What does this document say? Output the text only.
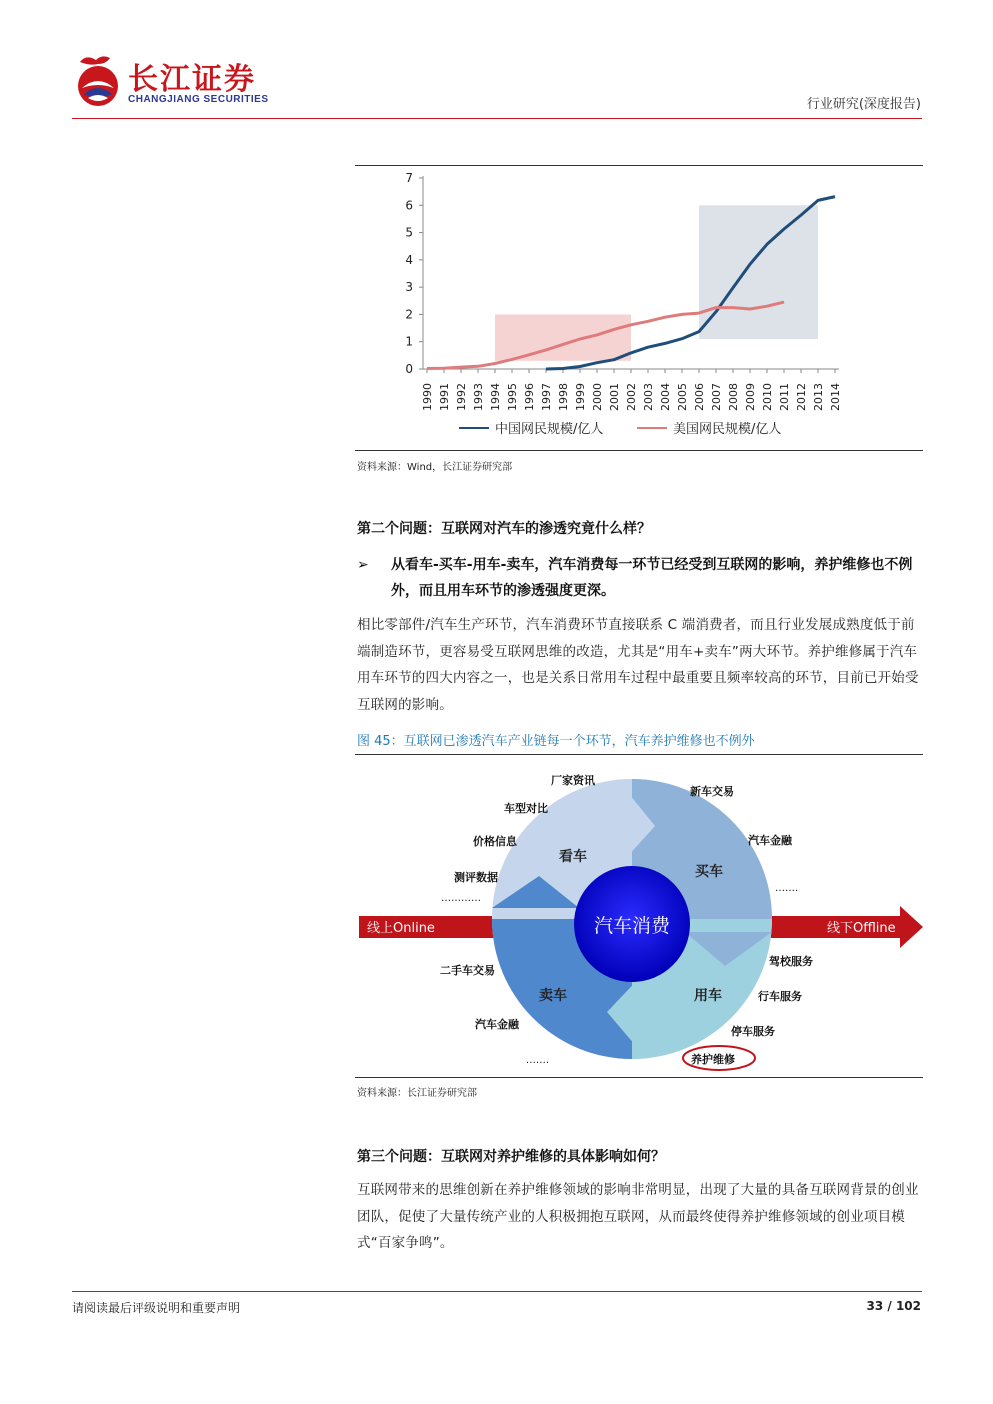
长江证券
CHANGJIANG SECURITIES	行业研究(深度报告)
0
1
2
3
4
5
6
7
1990 1991 1992 1993 1994 1995 1996 1997 1998 1999 2000 2001 2002 2003 2004 2005 2006 2007 2008 2009 2010 2011 2012 2013 2014
中国网民规模/亿人	美国网民规模/亿人
资料来源：Wind，长江证券研究部
第二个问题：互联网对汽车的渗透究竟什么样？
➢ 从看车-买车-用车-卖车，汽车消费每一环节已经受到互联网的影响，养护维修也不例外，而且用车环节的渗透强度更深。
相比零部件/汽车生产环节，汽车消费环节直接联系 C 端消费者，而且行业发展成熟度低于前端制造环节，更容易受互联网思维的改造，尤其是“用车+卖车”两大环节。养护维修属于汽车用车环节的四大内容之一，也是关系日常用车过程中最重要且频率较高的环节，目前已开始受互联网的影响。
图 45：互联网已渗透汽车产业链每一个环节，汽车养护维修也不例外
线上Online	线下Offline
汽车消费
看车
买车
用车
卖车
厂家资讯
车型对比
价格信息
测评数据
…………
新车交易
汽车金融
…….
驾校服务
行车服务
停车服务
养护维修
二手车交易
汽车金融
…….
资料来源：长江证券研究部
第三个问题：互联网对养护维修的具体影响如何？
互联网带来的思维创新在养护维修领域的影响非常明显，出现了大量的具备互联网背景的创业团队，促使了大量传统产业的人积极拥抱互联网，从而最终使得养护维修领域的创业项目模式“百家争鸣”。
请阅读最后评级说明和重要声明	33 / 102
